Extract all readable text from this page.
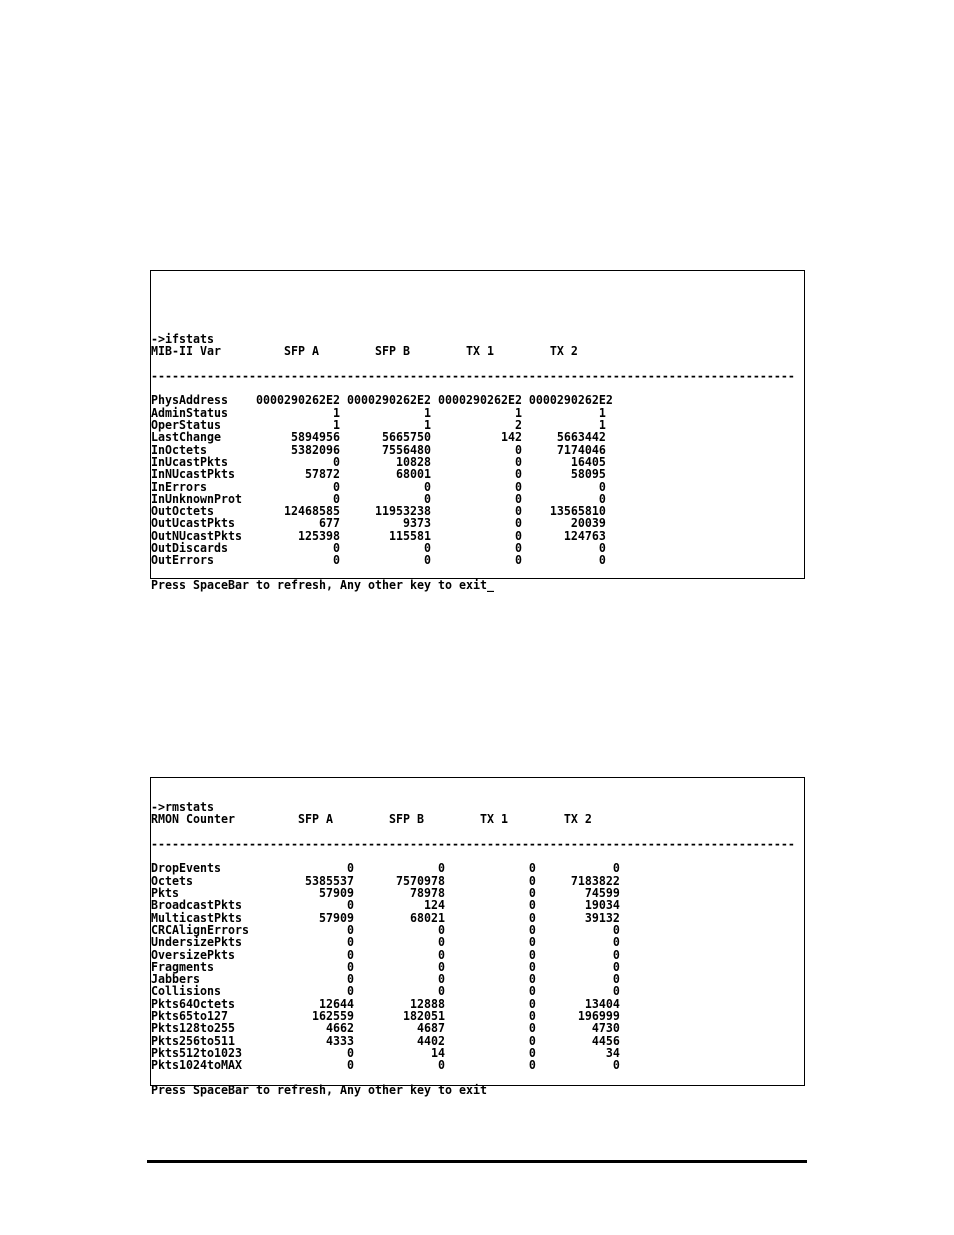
->ifstats
MIB-II Var         SFP A        SFP B        TX 1        TX 2

--------------------------------------------------------------------------------------------

PhysAddress    0000290262E2 0000290262E2 0000290262E2 0000290262E2
AdminStatus               1            1            1           1
OperStatus                1            1            2           1
LastChange          5894956      5665750          142     5663442
InOctets            5382096      7556480            0     7174046
InUcastPkts               0        10828            0       16405
InNUcastPkts          57872        68001            0       58095
InErrors                  0            0            0           0
InUnknownProt             0            0            0           0
OutOctets          12468585     11953238            0    13565810
OutUcastPkts            677         9373            0       20039
OutNUcastPkts        125398       115581            0      124763
OutDiscards               0            0            0           0
OutErrors                 0            0            0           0

Press SpaceBar to refresh, Any other key to exit _
->rmstats
RMON Counter         SFP A        SFP B        TX 1        TX 2

--------------------------------------------------------------------------------------------

DropEvents                  0            0            0           0
Octets                5385537      7570978            0     7183822
Pkts                    57909        78978            0       74599
BroadcastPkts               0          124            0       19034
MulticastPkts           57909        68021            0       39132
CRCAlignErrors              0            0            0           0
UndersizePkts               0            0            0           0
OversizePkts                0            0            0           0
Fragments                   0            0            0           0
Jabbers                     0            0            0           0
Collisions                  0            0            0           0
Pkts64Octets            12644        12888            0       13404
Pkts65to127            162559       182051            0      196999
Pkts128to255             4662         4687            0        4730
Pkts256to511             4333         4402            0        4456
Pkts512to1023               0           14            0          34
Pkts1024toMAX               0            0            0           0

Press SpaceBar to refresh, Any other key to exit
